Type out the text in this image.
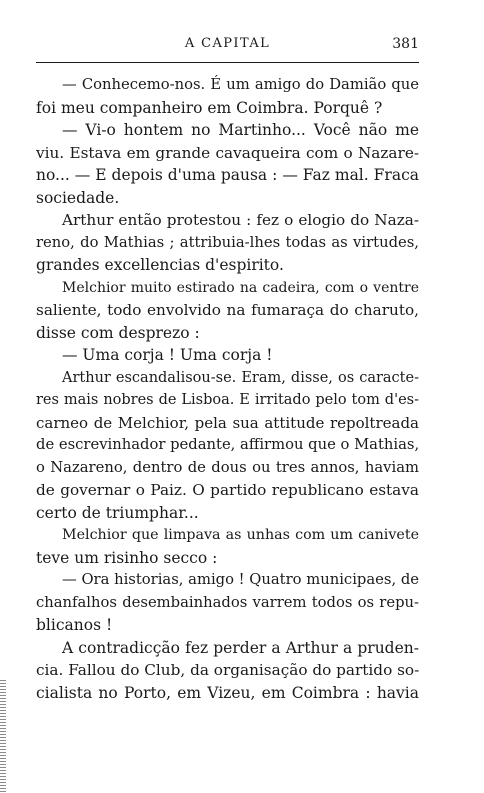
A CAPITAL	381
— Conhecemo-nos. É um amigo do Damião que
foi meu companheiro em Coimbra. Porquê ?
— Vi-o hontem no Martinho... Você não me
viu. Estava em grande cavaqueira com o Nazare-
no... — E depois d'uma pausa : — Faz mal. Fraca
sociedade.
Arthur então protestou : fez o elogio do Naza-
reno, do Mathias ; attribuia-lhes todas as virtudes,
grandes excellencias d'espirito.
Melchior muito estirado na cadeira, com o ventre
saliente, todo envolvido na fumaraça do charuto,
disse com desprezo :
— Uma corja ! Uma corja !
Arthur escandalisou-se. Eram, disse, os caracte-
res mais nobres de Lisboa. E irritado pelo tom d'es-
carneo de Melchior, pela sua attitude repoltreada
de escrevinhador pedante, affirmou que o Mathias,
o Nazareno, dentro de dous ou tres annos, haviam
de governar o Paiz. O partido republicano estava
certo de triumphar...
Melchior que limpava as unhas com um canivete
teve um risinho secco :
— Ora historias, amigo ! Quatro municipaes, de
chanfalhos desembainhados varrem todos os repu-
blicanos !
A contradicção fez perder a Arthur a pruden-
cia. Fallou do Club, da organisação do partido so-
cialista no Porto, em Vizeu, em Coimbra : havia
